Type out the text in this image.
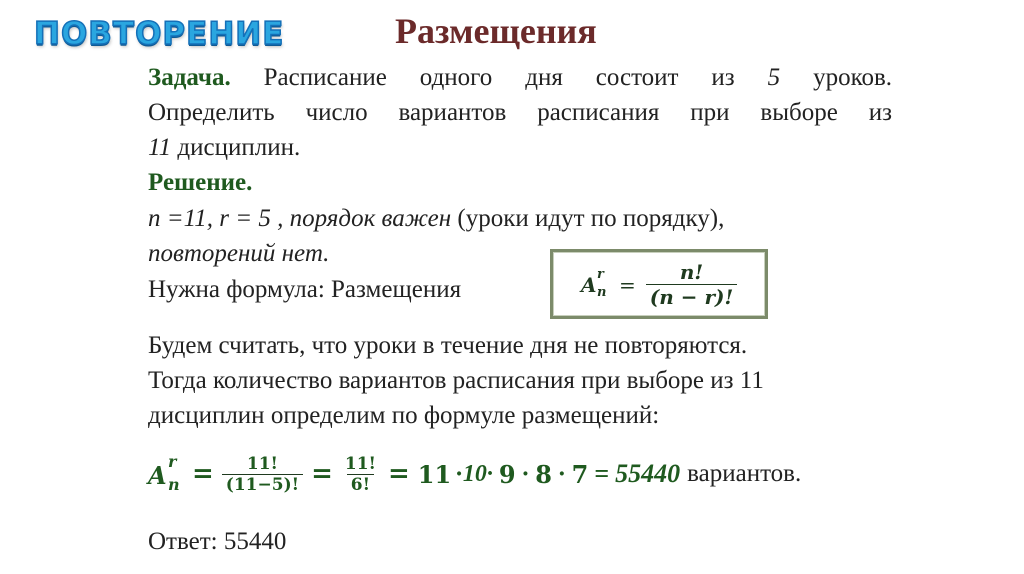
ПОВТОРЕНИЕ	Размещения
Задача. Расписание одного дня состоит из 5 уроков.
Определить число вариантов расписания при выборе из
11 дисциплин.
Решение.
n =11, r = 5 , порядок важен (уроки идут по порядку),
повторений нет.
Нужна формула: Размещения	A r
$n = \frac{n!}{(n - r)!}$
Будем считать, что уроки в течение дня не повторяются.
Тогда количество вариантов расписания при выборе из 11
дисциплин определим по формуле размещений:
A r
$n = \frac{11!}{(11-5)!} = \frac{11!}{6!} = 11 \cdot 10\cdot 9 \cdot 8 \cdot 7 = 55440$ вариантов.
Ответ: 55440
